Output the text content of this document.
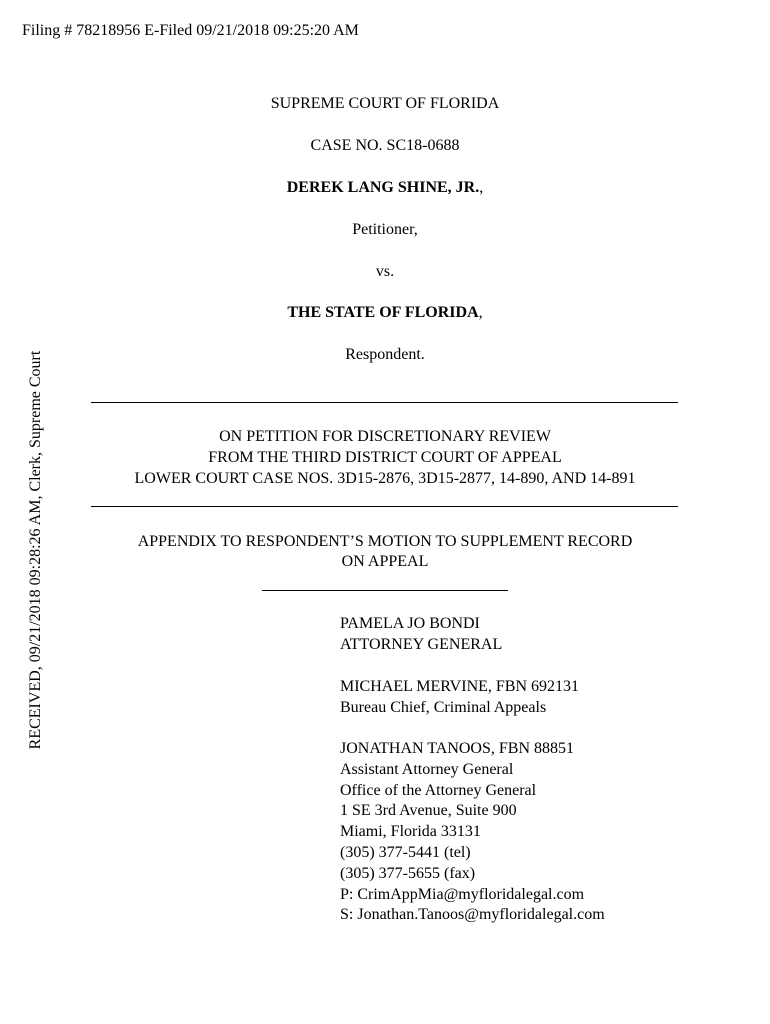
Filing # 78218956 E-Filed 09/21/2018 09:25:20 AM
RECEIVED, 09/21/2018 09:28:26 AM, Clerk, Supreme Court
SUPREME COURT OF FLORIDA
CASE NO. SC18-0688
DEREK LANG SHINE, JR.,
Petitioner,
vs.
THE STATE OF FLORIDA,
Respondent.
ON PETITION FOR DISCRETIONARY REVIEW
FROM THE THIRD DISTRICT COURT OF APPEAL
LOWER COURT CASE NOS. 3D15-2876, 3D15-2877, 14-890, AND 14-891
APPENDIX TO RESPONDENT’S MOTION TO SUPPLEMENT RECORD
ON APPEAL
PAMELA JO BONDI
ATTORNEY GENERAL
MICHAEL MERVINE, FBN 692131
Bureau Chief, Criminal Appeals
JONATHAN TANOOS, FBN 88851
Assistant Attorney General
Office of the Attorney General
1 SE 3rd Avenue, Suite 900
Miami, Florida 33131
(305) 377-5441 (tel)
(305) 377-5655 (fax)
P: CrimAppMia@myfloridalegal.com
S: Jonathan.Tanoos@myfloridalegal.com
